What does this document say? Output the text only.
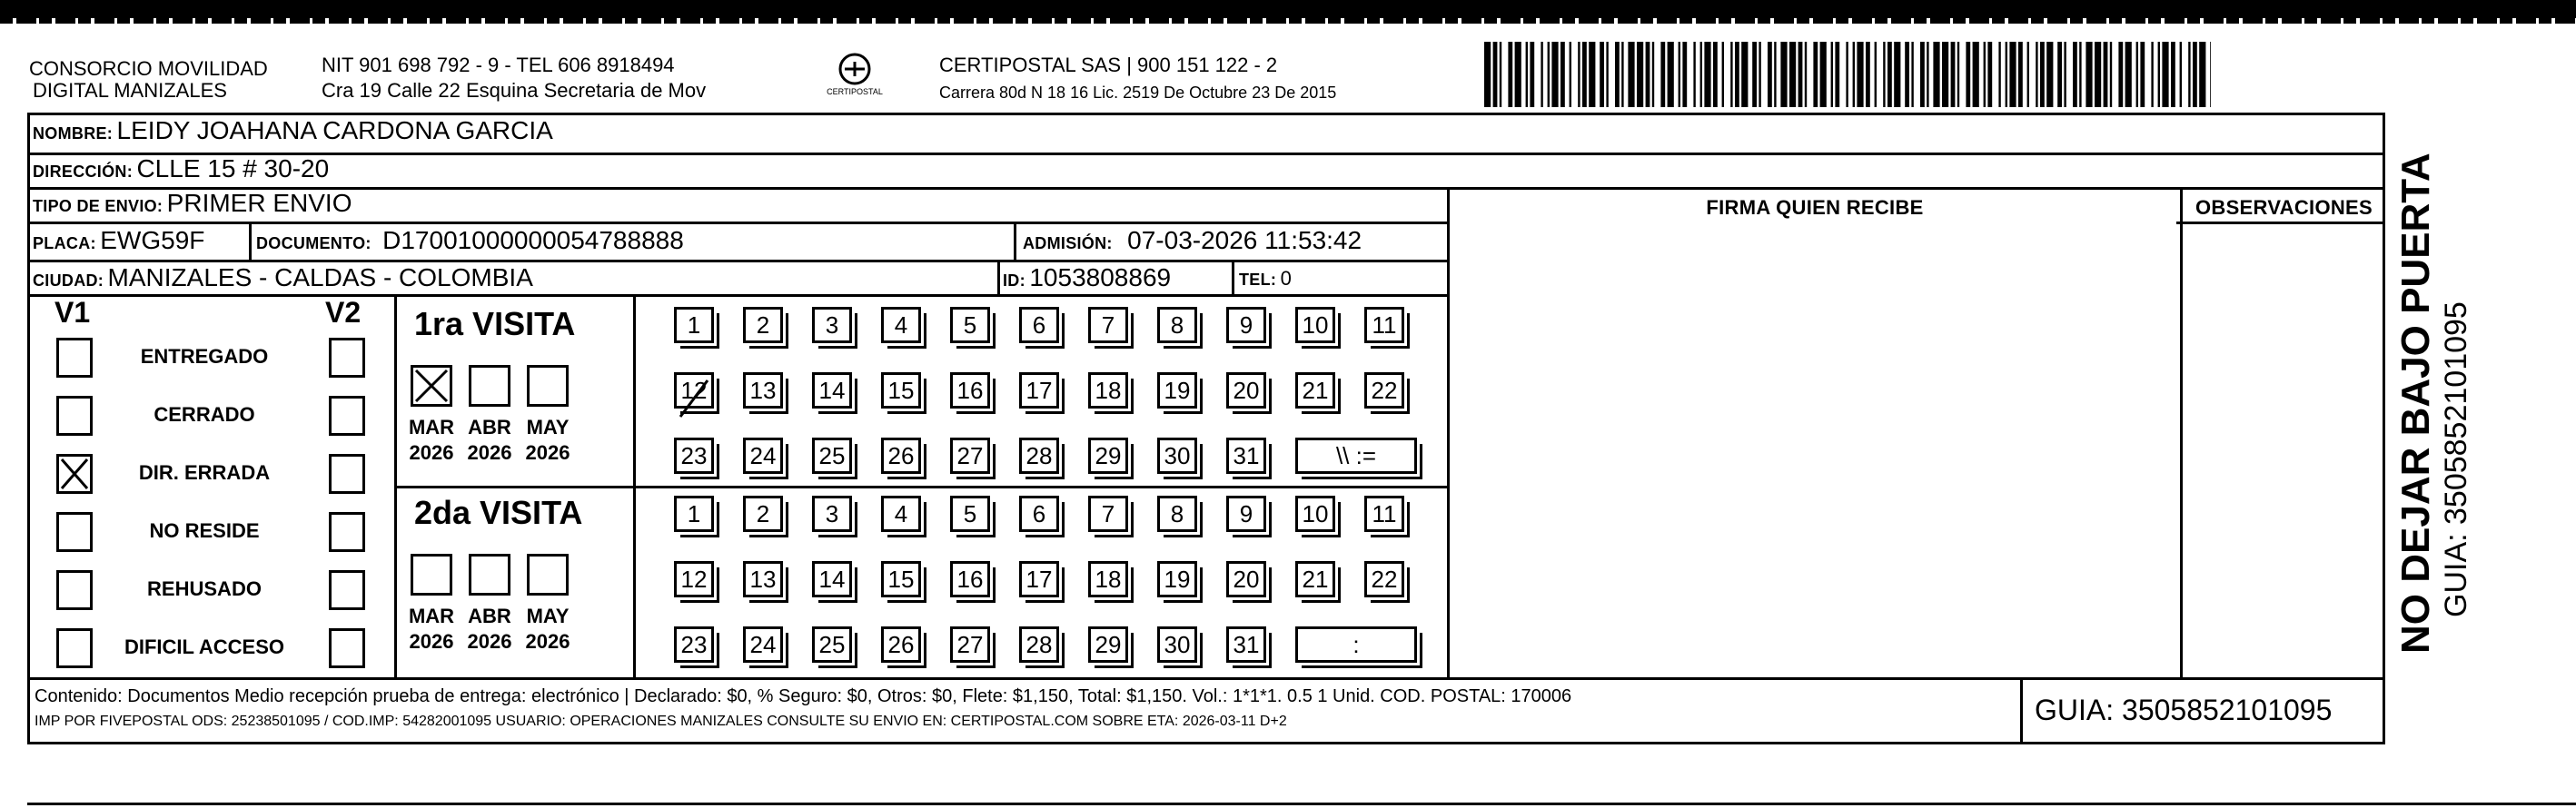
CONSORCIO MOVILIDAD
DIGITAL MANIZALES
NIT 901 698 792 - 9 - TEL 606 8918494
Cra 19 Calle 22 Esquina Secretaria de Mov	CERTIPOSTAL
CERTIPOSTAL SAS | 900 151 122 - 2
Carrera 80d N 18 16 Lic. 2519 De Octubre 23 De 2015
NOMBRE: LEIDY JOAHANA CARDONA GARCIA
DIRECCIÓN: CLLE 15 # 30-20
TIPO DE ENVIO: PRIMER ENVIO	FIRMA QUIEN RECIBE	OBSERVACIONES
PLACA: EWG59F	DOCUMENTO: D17001000000054788888	ADMISIÓN: 07-03-2026 11:53:42
CIUDAD: MANIZALES - CALDAS - COLOMBIA	ID: 1053808869	TEL: 0
V1	V2
ENTREGADO
CERRADO
DIR. ERRADA
NO RESIDE
REHUSADO
DIFICIL ACCESO
1ra VISITA
MAR
2026
ABR
2026
MAY
2026
1	2	3	4	5	6	7	8	9	10	11
12 13 14 15 16 17 18 19 20 21 22
23 24 25 26 27 28 29 30 31	\\ :=
2da VISITA
MAR
2026
ABR
2026
MAY
2026
1	2	3	4	5	6	7	8	9	10	11
12 13 14 15 16 17 18 19 20 21 22
23 24 25 26 27 28 29 30 31	:
Contenido: Documentos Medio recepción prueba de entrega: electrónico | Declarado: $0, % Seguro: $0, Otros: $0, Flete: $1,150, Total: $1,150. Vol.: 1*1*1. 0.5 1 Unid. COD. POSTAL: 170006
IMP POR FIVEPOSTAL ODS: 25238501095 / COD.IMP: 54282001095 USUARIO: OPERACIONES MANIZALES CONSULTE SU ENVIO EN: CERTIPOSTAL.COM SOBRE ETA: 2026-03-11 D+2	GUIA: 3505852101095
NO DEJAR BAJO PUERTA GUIA: 3505852101095
